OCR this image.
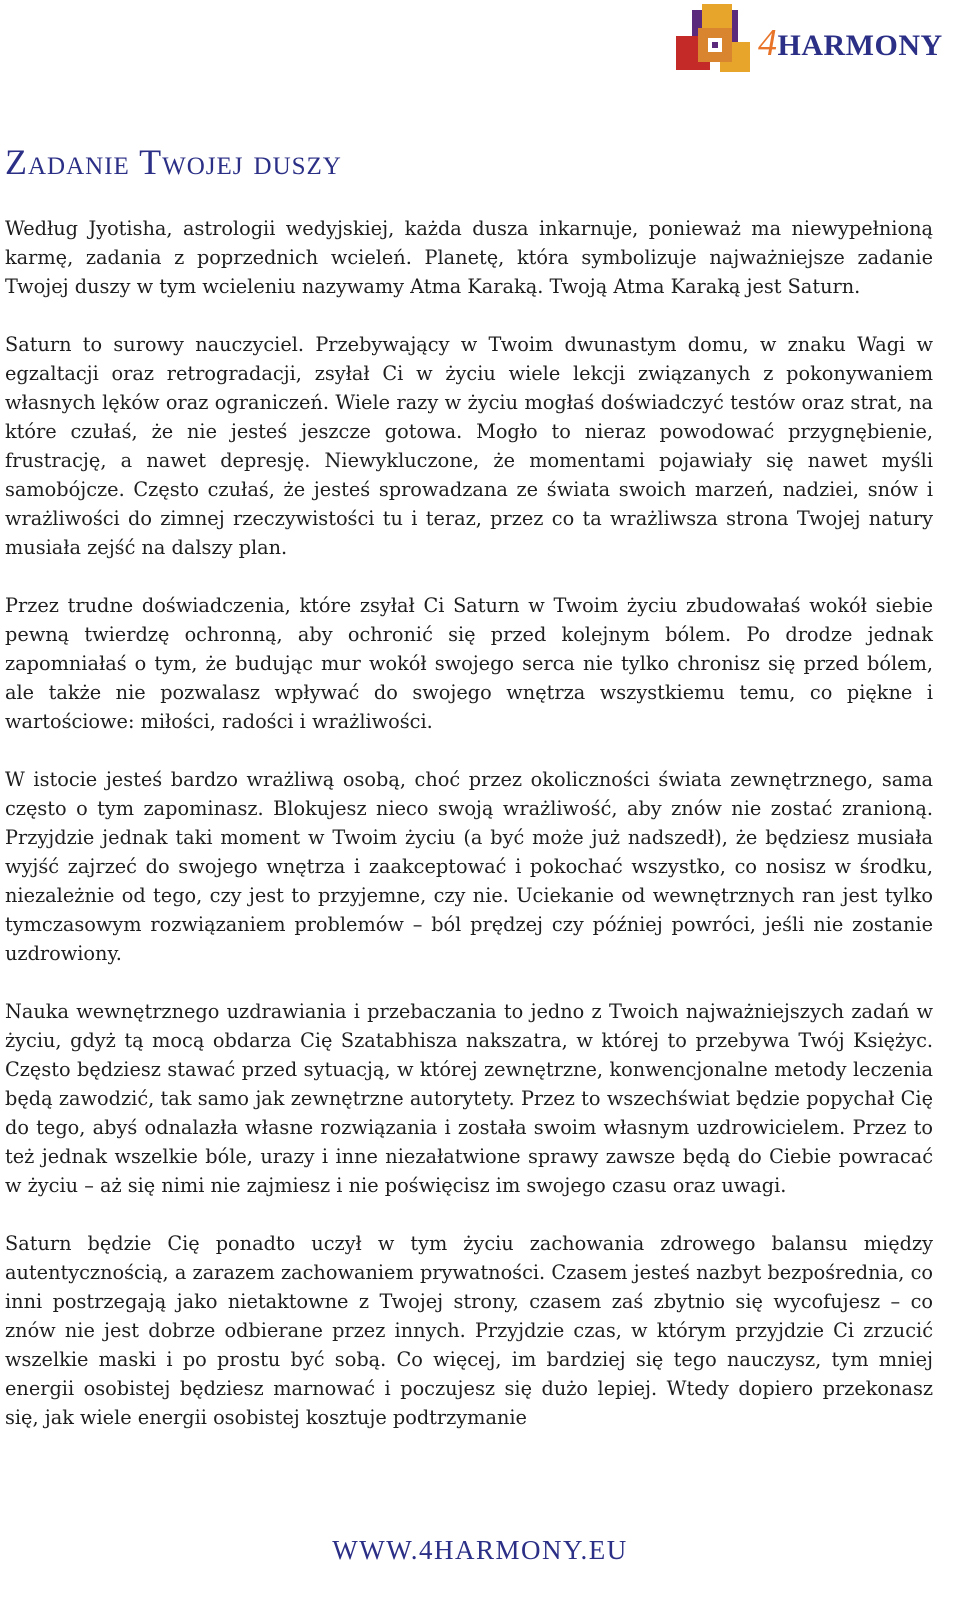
4HARMONY
Zadanie Twojej duszy

Według Jyotisha, astrologii wedyjskiej, każda dusza inkarnuje, ponieważ ma niewypełnioną karmę, zadania z poprzednich wcieleń. Planetę, która symbolizuje najważniejsze zadanie Twojej duszy w tym wcieleniu nazywamy Atma Karaką. Twoją Atma Karaką jest Saturn.

Saturn to surowy nauczyciel. Przebywający w Twoim dwunastym domu, w znaku Wagi w egzaltacji oraz retrogradacji, zsyłał Ci w życiu wiele lekcji związanych z pokonywaniem własnych lęków oraz ograniczeń. Wiele razy w życiu mogłaś doświadczyć testów oraz strat, na które czułaś, że nie jesteś jeszcze gotowa. Mogło to nieraz powodować przygnębienie, frustrację, a nawet depresję. Niewykluczone, że momentami pojawiały się nawet myśli samobójcze. Często czułaś, że jesteś sprowadzana ze świata swoich marzeń, nadziei, snów i wrażliwości do zimnej rzeczywistości tu i teraz, przez co ta wrażliwsza strona Twojej natury musiała zejść na dalszy plan.

Przez trudne doświadczenia, które zsyłał Ci Saturn w Twoim życiu zbudowałaś wokół siebie pewną twierdzę ochronną, aby ochronić się przed kolejnym bólem. Po drodze jednak zapomniałaś o tym, że budując mur wokół swojego serca nie tylko chronisz się przed bólem, ale także nie pozwalasz wpływać do swojego wnętrza wszystkiemu temu, co piękne i wartościowe: miłości, radości i wrażliwości.

W istocie jesteś bardzo wrażliwą osobą, choć przez okoliczności świata zewnętrznego, sama często o tym zapominasz. Blokujesz nieco swoją wrażliwość, aby znów nie zostać zranioną. Przyjdzie jednak taki moment w Twoim życiu (a być może już nadszedł), że będziesz musiała wyjść zajrzeć do swojego wnętrza i zaakceptować i pokochać wszystko, co nosisz w środku, niezależnie od tego, czy jest to przyjemne, czy nie. Uciekanie od wewnętrznych ran jest tylko tymczasowym rozwiązaniem problemów – ból prędzej czy później powróci, jeśli nie zostanie uzdrowiony.

Nauka wewnętrznego uzdrawiania i przebaczania to jedno z Twoich najważniejszych zadań w życiu, gdyż tą mocą obdarza Cię Szatabhisza nakszatra, w której to przebywa Twój Księżyc. Często będziesz stawać przed sytuacją, w której zewnętrzne, konwencjonalne metody leczenia będą zawodzić, tak samo jak zewnętrzne autorytety. Przez to wszechświat będzie popychał Cię do tego, abyś odnalazła własne rozwiązania i została swoim własnym uzdrowicielem. Przez to też jednak wszelkie bóle, urazy i inne niezałatwione sprawy zawsze będą do Ciebie powracać w życiu – aż się nimi nie zajmiesz i nie poświęcisz im swojego czasu oraz uwagi.

Saturn będzie Cię ponadto uczył w tym życiu zachowania zdrowego balansu między autentycznością, a zarazem zachowaniem prywatności. Czasem jesteś nazbyt bezpośrednia, co inni postrzegają jako nietaktowne z Twojej strony, czasem zaś zbytnio się wycofujesz – co znów nie jest dobrze odbierane przez innych. Przyjdzie czas, w którym przyjdzie Ci zrzucić wszelkie maski i po prostu być sobą. Co więcej, im bardziej się tego nauczysz, tym mniej energii osobistej będziesz marnować i poczujesz się dużo lepiej. Wtedy dopiero przekonasz się, jak wiele energii osobistej kosztuje podtrzymanie

WWW.4HARMONY.EU
